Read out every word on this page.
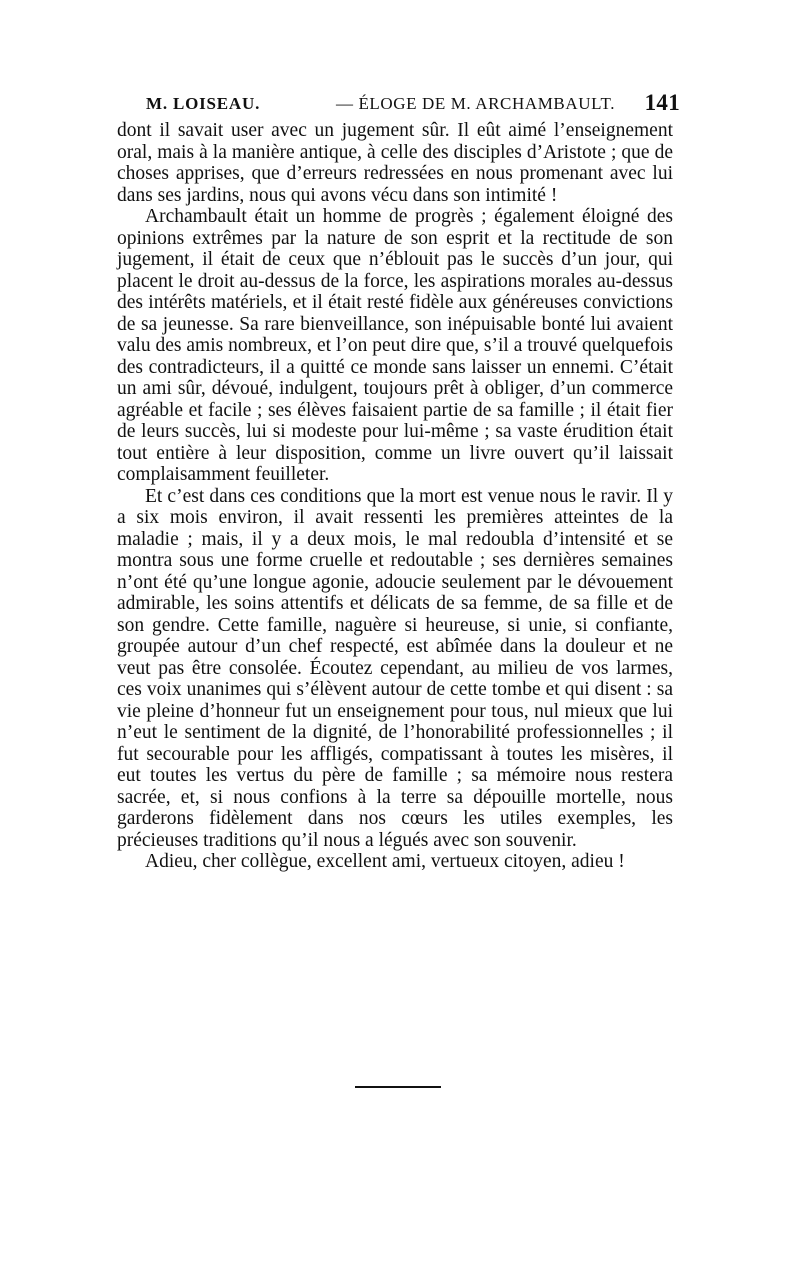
M. LOISEAU.	— ÉLOGE DE M. ARCHAMBAULT. 141

dont il savait user avec un jugement sûr. Il eût aimé l’enseignement oral, mais à la manière antique, à celle des disciples d’Aristote ; que de choses apprises, que d’erreurs redressées en nous promenant avec lui dans ses jardins, nous qui avons vécu dans son intimité !

Archambault était un homme de progrès ; également éloigné des opinions extrêmes par la nature de son esprit et la rectitude de son jugement, il était de ceux que n’éblouit pas le succès d’un jour, qui placent le droit au-dessus de la force, les aspirations morales au-dessus des intérêts matériels, et il était resté fidèle aux généreuses convictions de sa jeunesse. Sa rare bienveillance, son inépuisable bonté lui avaient valu des amis nombreux, et l’on peut dire que, s’il a trouvé quelquefois des contradicteurs, il a quitté ce monde sans laisser un ennemi. C’était un ami sûr, dévoué, indulgent, toujours prêt à obliger, d’un commerce agréable et facile ; ses élèves faisaient partie de sa famille ; il était fier de leurs succès, lui si modeste pour lui-même ; sa vaste érudition était tout entière à leur disposition, comme un livre ouvert qu’il laissait complaisamment feuilleter.

Et c’est dans ces conditions que la mort est venue nous le ravir. Il y a six mois environ, il avait ressenti les premières atteintes de la maladie ; mais, il y a deux mois, le mal redoubla d’intensité et se montra sous une forme cruelle et redoutable ; ses dernières semaines n’ont été qu’une longue agonie, adoucie seulement par le dévouement admirable, les soins attentifs et délicats de sa femme, de sa fille et de son gendre. Cette famille, naguère si heureuse, si unie, si confiante, groupée autour d’un chef respecté, est abîmée dans la douleur et ne veut pas être consolée. Écoutez cependant, au milieu de vos larmes, ces voix unanimes qui s’élèvent autour de cette tombe et qui disent : sa vie pleine d’honneur fut un enseignement pour tous, nul mieux que lui n’eut le sentiment de la dignité, de l’honorabilité professionnelles ; il fut secourable pour les affligés, compatissant à toutes les misères, il eut toutes les vertus du père de famille ; sa mémoire nous restera sacrée, et, si nous confions à la terre sa dépouille mortelle, nous garderons fidèlement dans nos cœurs les utiles exemples, les précieuses traditions qu’il nous a légués avec son souvenir.

Adieu, cher collègue, excellent ami, vertueux citoyen, adieu !
